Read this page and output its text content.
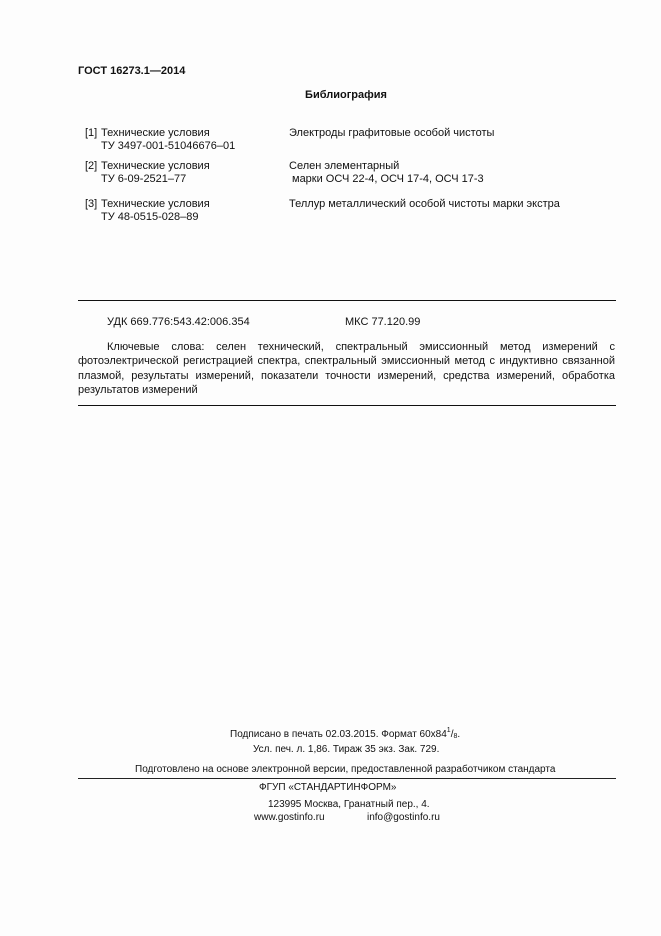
ГОСТ 16273.1—2014
Библиография
[1] Технические условия
ТУ 3497-001-51046676–01
Электроды графитовые особой чистоты
[2] Технические условия
ТУ 6-09-2521–77
Селен элементарный
марки ОСЧ 22-4, ОСЧ 17-4, ОСЧ 17-3
[3] Технические условия
ТУ 48-0515-028–89
Теллур металлический особой чистоты марки экстра
УДК 669.776:543.42:006.354	МКС 77.120.99
Ключевые слова: селен технический, спектральный эмиссионный метод измерений с фотоэлектрической регистрацией спектра, спектральный эмиссионный метод с индуктивно связанной плазмой, результаты измерений, показатели точности измерений, средства измерений, обработка результатов измерений
Подписано в печать 02.03.2015. Формат $60х84^1/_8$.
Усл. печ. л. 1,86. Тираж 35 экз. Зак. 729.
Подготовлено на основе электронной версии, предоставленной разработчиком стандарта
ФГУП «СТАНДАРТИНФОРМ»
123995 Москва, Гранатный пер., 4.
www.gostinfo.ru	info@gostinfo.ru
